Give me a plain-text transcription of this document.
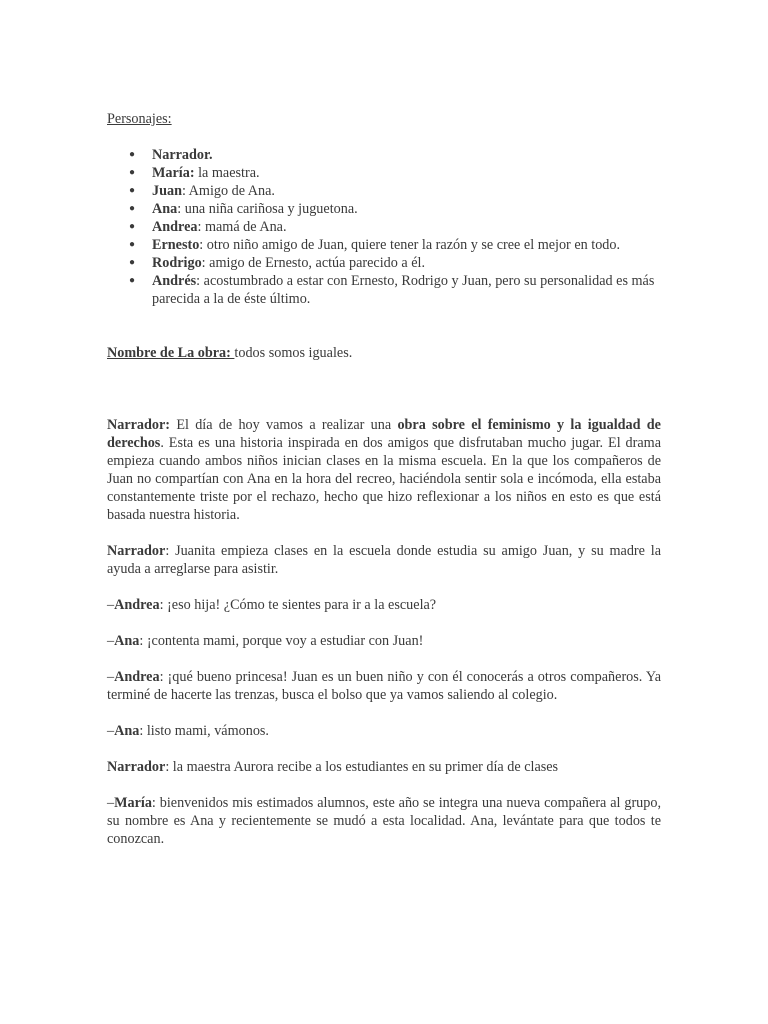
Personajes:
● Narrador.
● María: la maestra.
● Juan: Amigo de Ana.
● Ana: una niña cariñosa y juguetona.
● Andrea: mamá de Ana.
● Ernesto: otro niño amigo de Juan, quiere tener la razón y se cree el mejor en todo.
● Rodrigo: amigo de Ernesto, actúa parecido a él.
● Andrés: acostumbrado a estar con Ernesto, Rodrigo y Juan, pero su personalidad es más parecida a la de éste último.
Nombre de La obra: todos somos iguales.
Narrador: El día de hoy vamos a realizar una obra sobre el feminismo y la igualdad de derechos. Esta es una historia inspirada en dos amigos que disfrutaban mucho jugar. El drama empieza cuando ambos niños inician clases en la misma escuela. En la que los compañeros de Juan no compartían con Ana en la hora del recreo, haciéndola sentir sola e incómoda, ella estaba constantemente triste por el rechazo, hecho que hizo reflexionar a los niños en esto es que está basada nuestra historia.
Narrador: Juanita empieza clases en la escuela donde estudia su amigo Juan, y su madre la ayuda a arreglarse para asistir.
–Andrea: ¡eso hija! ¿Cómo te sientes para ir a la escuela?
–Ana: ¡contenta mami, porque voy a estudiar con Juan!
–Andrea: ¡qué bueno princesa! Juan es un buen niño y con él conocerás a otros compañeros. Ya terminé de hacerte las trenzas, busca el bolso que ya vamos saliendo al colegio.
–Ana: listo mami, vámonos.
Narrador: la maestra Aurora recibe a los estudiantes en su primer día de clases
–María: bienvenidos mis estimados alumnos, este año se integra una nueva compañera al grupo, su nombre es Ana y recientemente se mudó a esta localidad. Ana, levántate para que todos te conozcan.
